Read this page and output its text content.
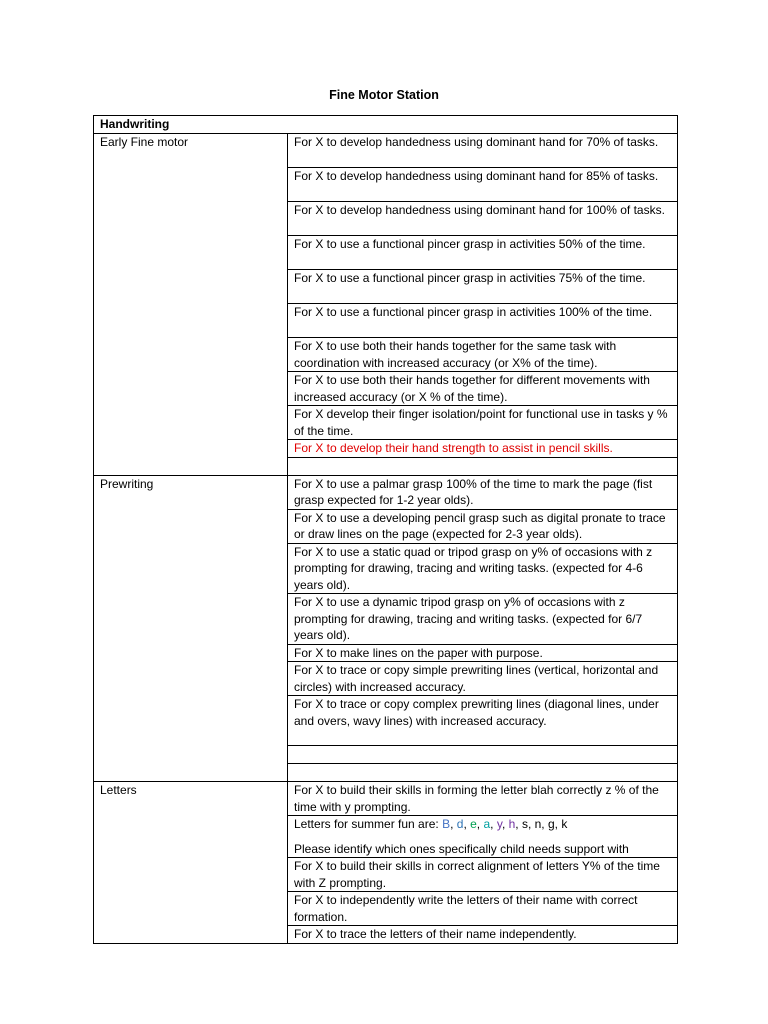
Fine Motor Station
Handwriting	
Early Fine motor	For X to develop handedness using dominant hand for 70% of tasks.
	For X to develop handedness using dominant hand for 85% of tasks.
	For X to develop handedness using dominant hand for 100% of tasks.
	For X to use a functional pincer grasp in activities 50% of the time.
	For X to use a functional pincer grasp in activities 75% of the time.
	For X to use a functional pincer grasp in activities 100% of the time.
	For X to use both their hands together for the same task with coordination with increased accuracy (or X% of the time).
	For X to use both their hands together for different movements with increased accuracy (or X % of the time).
	For X develop their finger isolation/point for functional use in tasks y % of the time.
	For X to develop their hand strength to assist in pencil skills.

Prewriting	For X to use a palmar grasp 100% of the time to mark the page (fist grasp expected for 1-2 year olds).
	For X to use a developing pencil grasp such as digital pronate to trace or draw lines on the page (expected for 2-3 year olds).
	For X to use a static quad or tripod grasp on y% of occasions with z prompting for drawing, tracing and writing tasks. (expected for 4-6 years old).
	For X to use a dynamic tripod grasp on y% of occasions with z prompting for drawing, tracing and writing tasks. (expected for 6/7 years old).
	For X to make lines on the paper with purpose.
	For X to trace or copy simple prewriting lines (vertical, horizontal and circles) with increased accuracy.
	For X to trace or copy complex prewriting lines (diagonal lines, under and overs, wavy lines) with increased accuracy.

Letters	For X to build their skills in forming the letter blah correctly z % of the time with y prompting.
	Letters for summer fun are: B, d, e, a, y, h, s, n, g, k
Please identify which ones specifically child needs support with
	For X to build their skills in correct alignment of letters Y% of the time with Z prompting.
	For X to independently write the letters of their name with correct formation.
	For X to trace the letters of their name independently.
